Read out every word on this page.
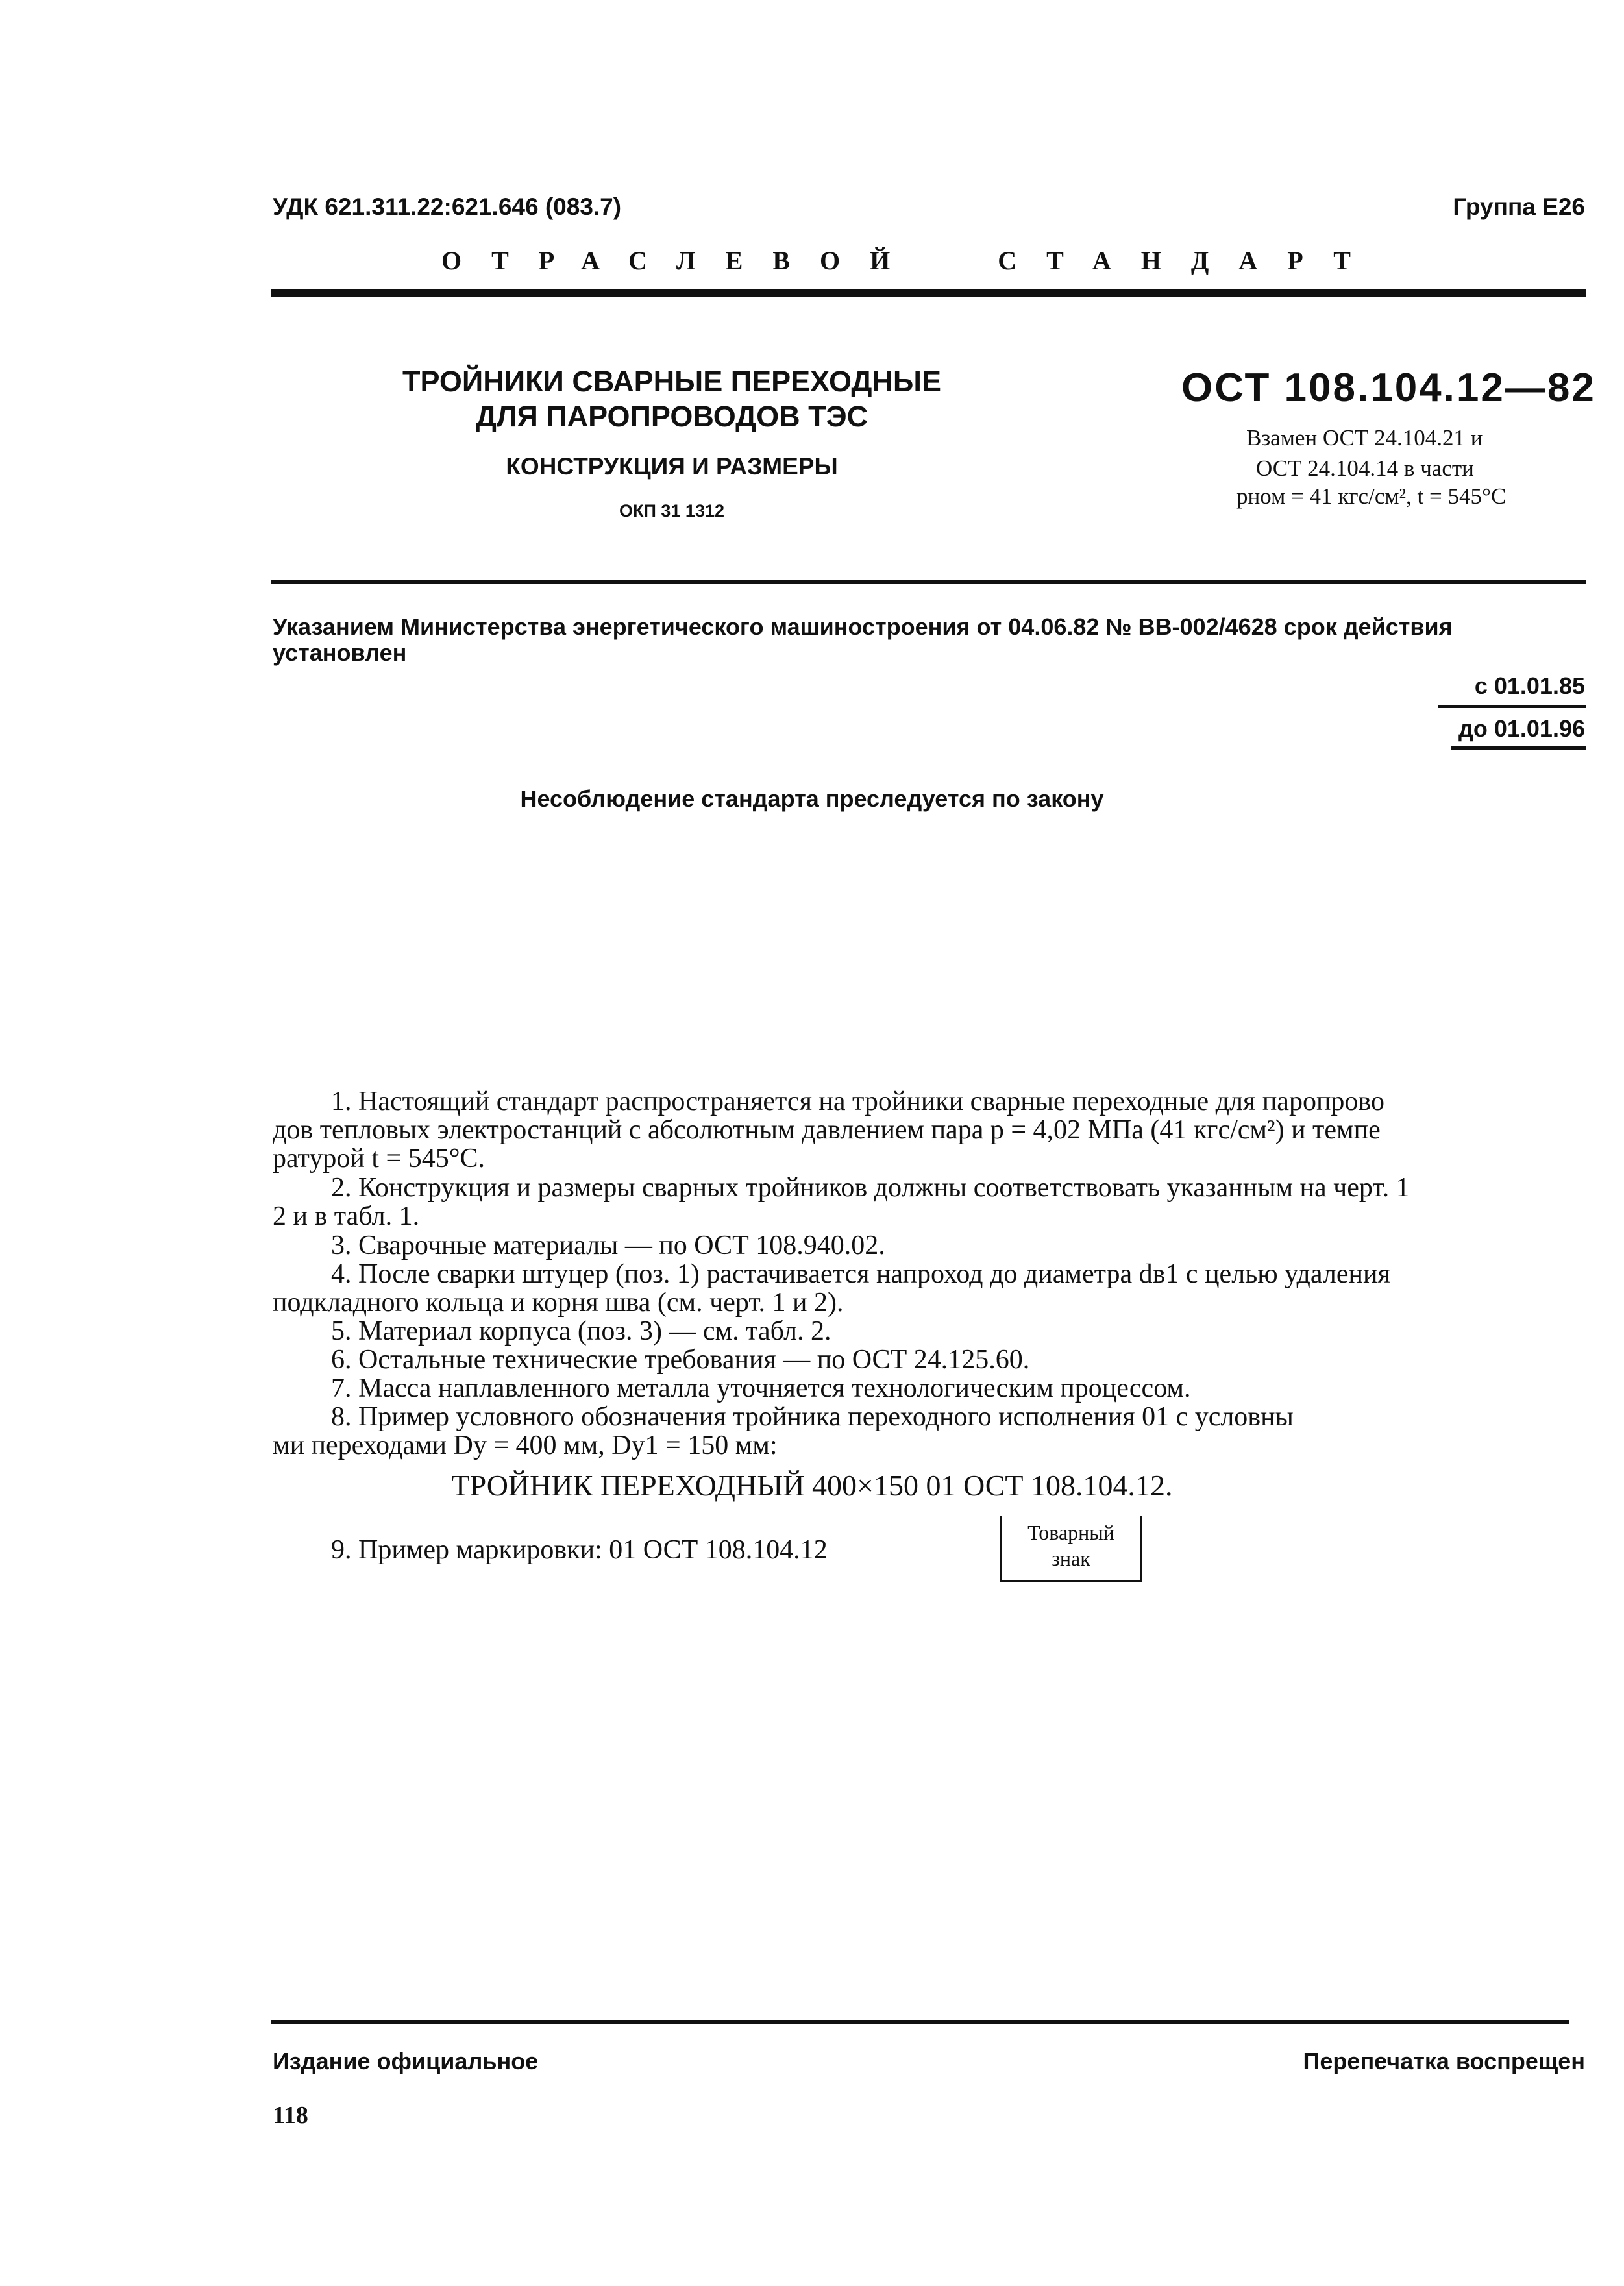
УДК 621.311.22:621.646 (083.7)	Группа Е26
ОТРАСЛЕВОЙ	СТАНДАРТ
ТРОЙНИКИ СВАРНЫЕ ПЕРЕХОДНЫЕ
ДЛЯ ПАРОПРОВОДОВ ТЭС
КОНСТРУКЦИЯ И РАЗМЕРЫ
ОКП 31 1312
ОСТ 108.104.12—82
Взамен ОСТ 24.104.21 и
ОСТ 24.104.14 в части
pном = 41 кгс/см², t = 545°С
Указанием Министерства энергетического машиностроения от 04.06.82 № ВВ-002/4628 срок действия
установлен
с 01.01.85
до 01.01.96
Несоблюдение стандарта преследуется по закону
1. Настоящий стандарт распространяется на тройники сварные переходные для паропрово
дов тепловых электростанций с абсолютным давлением пара p = 4,02 МПа (41 кгс/см²) и темпе
ратурой t = 545°С.
2. Конструкция и размеры сварных тройников должны соответствовать указанным на черт. 1
2 и в табл. 1.
3. Сварочные материалы — по ОСТ 108.940.02.
4. После сварки штуцер (поз. 1) растачивается напроход до диаметра dв1 с целью удаления
подкладного кольца и корня шва (см. черт. 1 и 2).
5. Материал корпуса (поз. 3) — см. табл. 2.
6. Остальные технические требования — по ОСТ 24.125.60.
7. Масса наплавленного металла уточняется технологическим процессом.
8. Пример условного обозначения тройника переходного исполнения 01 с условны
ми переходами Dу = 400 мм, Dу1 = 150 мм:
ТРОЙНИК ПЕРЕХОДНЫЙ 400×150 01 ОСТ 108.104.12.
9. Пример маркировки: 01 ОСТ 108.104.12
Товарный
знак
Издание официальное	Перепечатка воспрещен
118
